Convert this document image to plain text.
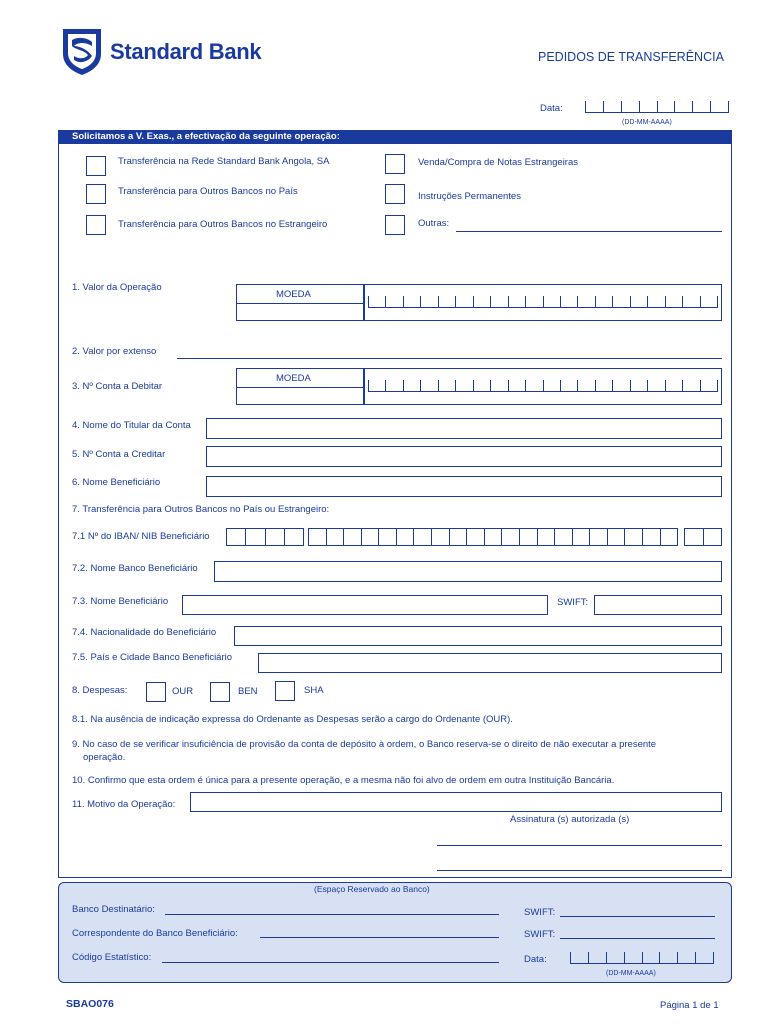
Standard Bank	PEDIDOS DE TRANSFERÊNCIA
Data:
(DD-MM-AAAA)
Solicitamos a V. Exas., a efectivação da seguinte operação:
Transferência na Rede Standard Bank Angola, SA
Transferência para Outros Bancos no País
Transferência para Outros Bancos no Estrangeiro
Venda/Compra de Notas Estrangeiras
Instruções Permanentes
Outras:
1. Valor da Operação
MOEDA
2. Valor por extenso
3. Nº Conta a Debitar
MOEDA
4. Nome do Titular da Conta
5. Nº Conta a Creditar
6. Nome Beneficiário
7. Transferência para Outros Bancos no País ou Estrangeiro:
7.1 Nº do IBAN/ NIB Beneficiário
7.2. Nome Banco Beneficiário
7.3. Nome Beneficiário	SWIFT:
7.4. Nacionalidade do Beneficiário
7.5. País e Cidade Banco Beneficiário
8. Despesas:	OUR	BEN	SHA
8.1. Na ausência de indicação expressa do Ordenante as Despesas serão a cargo do Ordenante (OUR).
9. No caso de se verificar insuficiência de provisão da conta de depósito à ordem, o Banco reserva-se o direito de não executar a presente
operação.
10. Confirmo que esta ordem é única para a presente operação, e a mesma não foi alvo de ordem em outra Instituição Bancária.
11. Motivo da Operação:
Assinatura (s) autorizada (s)
(Espaço Reservado ao Banco)
Banco Destinatário:	SWIFT:
Correspondente do Banco Beneficiário:	SWIFT:
Código Estatístico:	Data:
(DD-MM-AAAA)
SBAO076	Página 1 de 1
